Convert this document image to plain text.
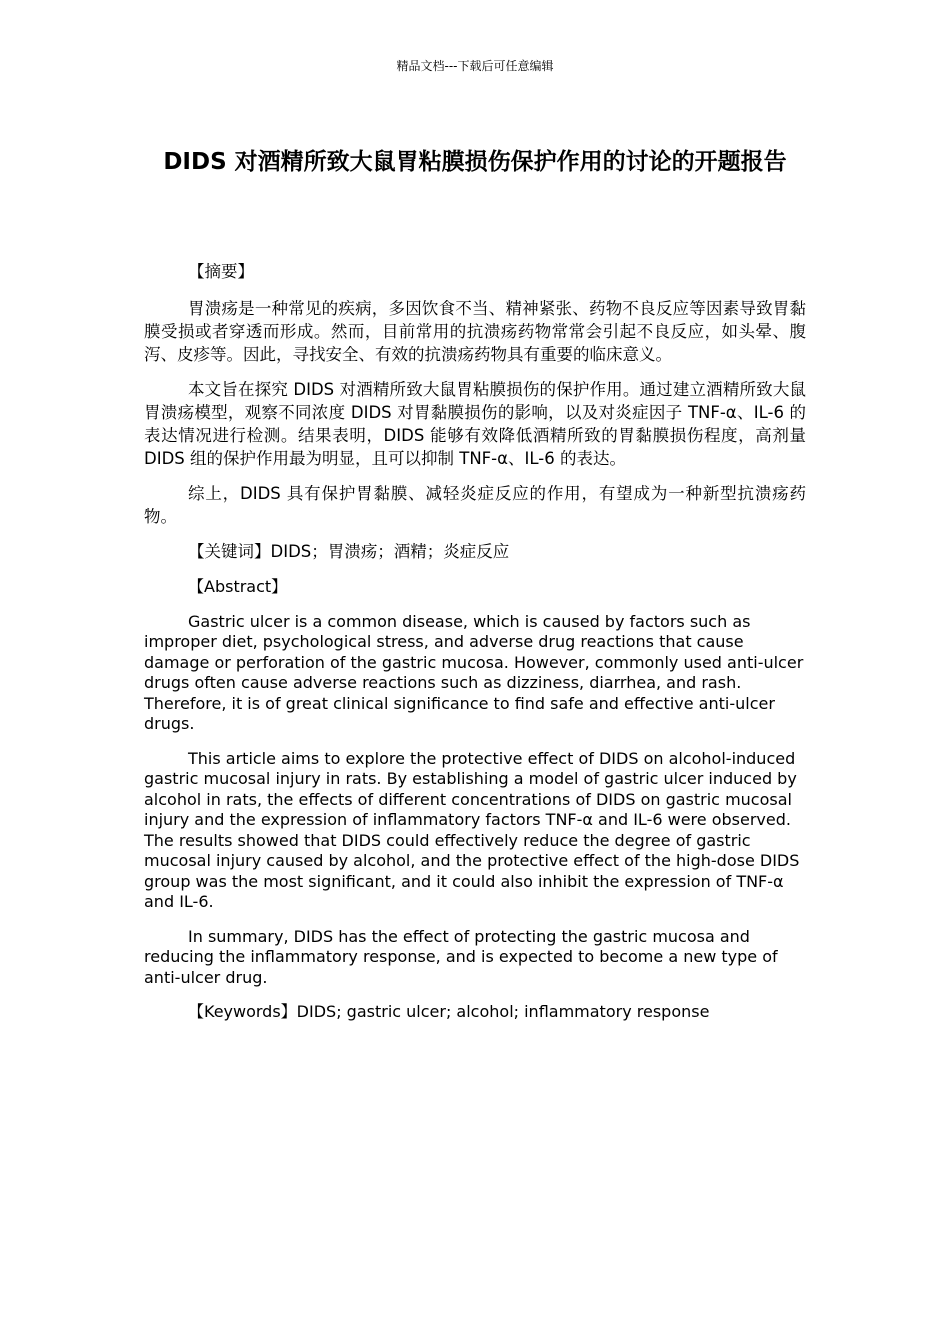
精品文档---下载后可任意编辑
DIDS 对酒精所致大鼠胃粘膜损伤保护作用的讨论的开题报告

【摘要】

胃溃疡是一种常见的疾病，多因饮食不当、精神紧张、药物不良反应等因素导致胃黏膜受损或者穿透而形成。然而，目前常用的抗溃疡药物常常会引起不良反应，如头晕、腹泻、皮疹等。因此，寻找安全、有效的抗溃疡药物具有重要的临床意义。

本文旨在探究 DIDS 对酒精所致大鼠胃粘膜损伤的保护作用。通过建立酒精所致大鼠胃溃疡模型，观察不同浓度 DIDS 对胃黏膜损伤的影响，以及对炎症因子 TNF-α、IL-6 的表达情况进行检测。结果表明，DIDS 能够有效降低酒精所致的胃黏膜损伤程度，高剂量 DIDS 组的保护作用最为明显，且可以抑制 TNF-α、IL-6 的表达。

综上，DIDS 具有保护胃黏膜、减轻炎症反应的作用，有望成为一种新型抗溃疡药物。

【关键词】DIDS；胃溃疡；酒精；炎症反应

【Abstract】

Gastric ulcer is a common disease, which is caused by factors such as improper diet, psychological stress, and adverse drug reactions that cause damage or perforation of the gastric mucosa. However, commonly used anti-ulcer drugs often cause adverse reactions such as dizziness, diarrhea, and rash. Therefore, it is of great clinical significance to find safe and effective anti-ulcer drugs.

This article aims to explore the protective effect of DIDS on alcohol-induced gastric mucosal injury in rats. By establishing a model of gastric ulcer induced by alcohol in rats, the effects of different concentrations of DIDS on gastric mucosal injury and the expression of inflammatory factors TNF-α and IL-6 were observed. The results showed that DIDS could effectively reduce the degree of gastric mucosal injury caused by alcohol, and the protective effect of the high-dose DIDS group was the most significant, and it could also inhibit the expression of TNF-α and IL-6.

In summary, DIDS has the effect of protecting the gastric mucosa and reducing the inflammatory response, and is expected to become a new type of anti-ulcer drug.

【Keywords】DIDS; gastric ulcer; alcohol; inflammatory response
